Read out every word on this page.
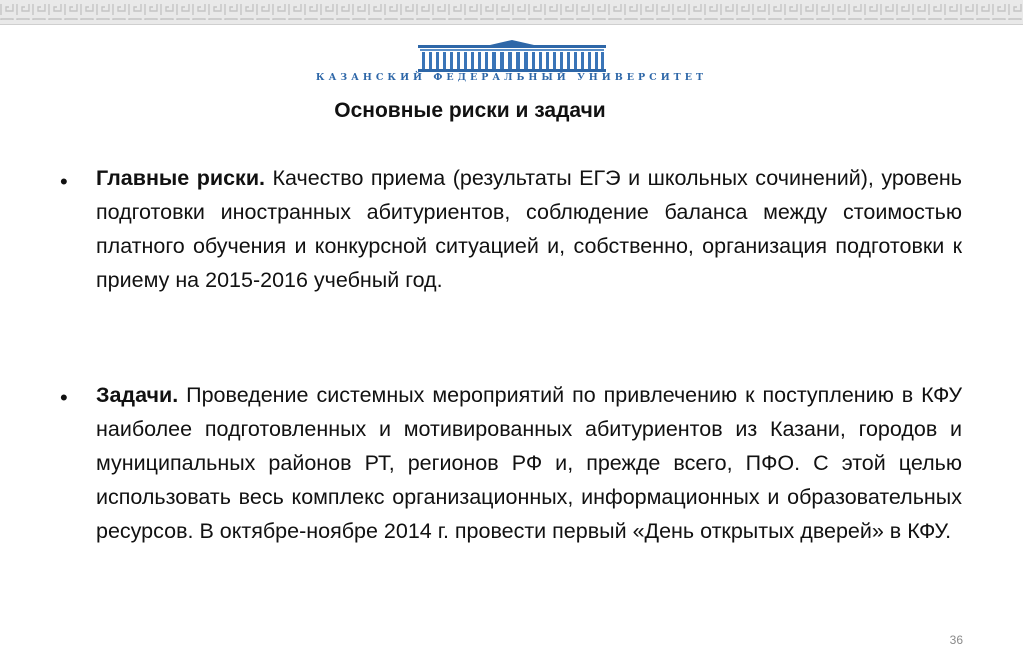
КАЗАНСКИЙ ФЕДЕРАЛЬНЫЙ УНИВЕРСИТЕТ
Основные риски и задачи
• Главные риски. Качество приема (результаты ЕГЭ и школьных сочинений), уровень подготовки иностранных абитуриентов, соблюдение баланса между стоимостью платного обучения и конкурсной ситуацией и, собственно, организация подготовки к приему на 2015-2016 учебный год.

• Задачи. Проведение системных мероприятий по привлечению к поступлению в КФУ наиболее подготовленных и мотивированных абитуриентов из Казани, городов и муниципальных районов РТ, регионов РФ и, прежде всего, ПФО. С этой целью использовать весь комплекс организационных, информационных и образовательных ресурсов. В октябре-ноябре 2014 г. провести первый «День открытых дверей» в КФУ.

36
